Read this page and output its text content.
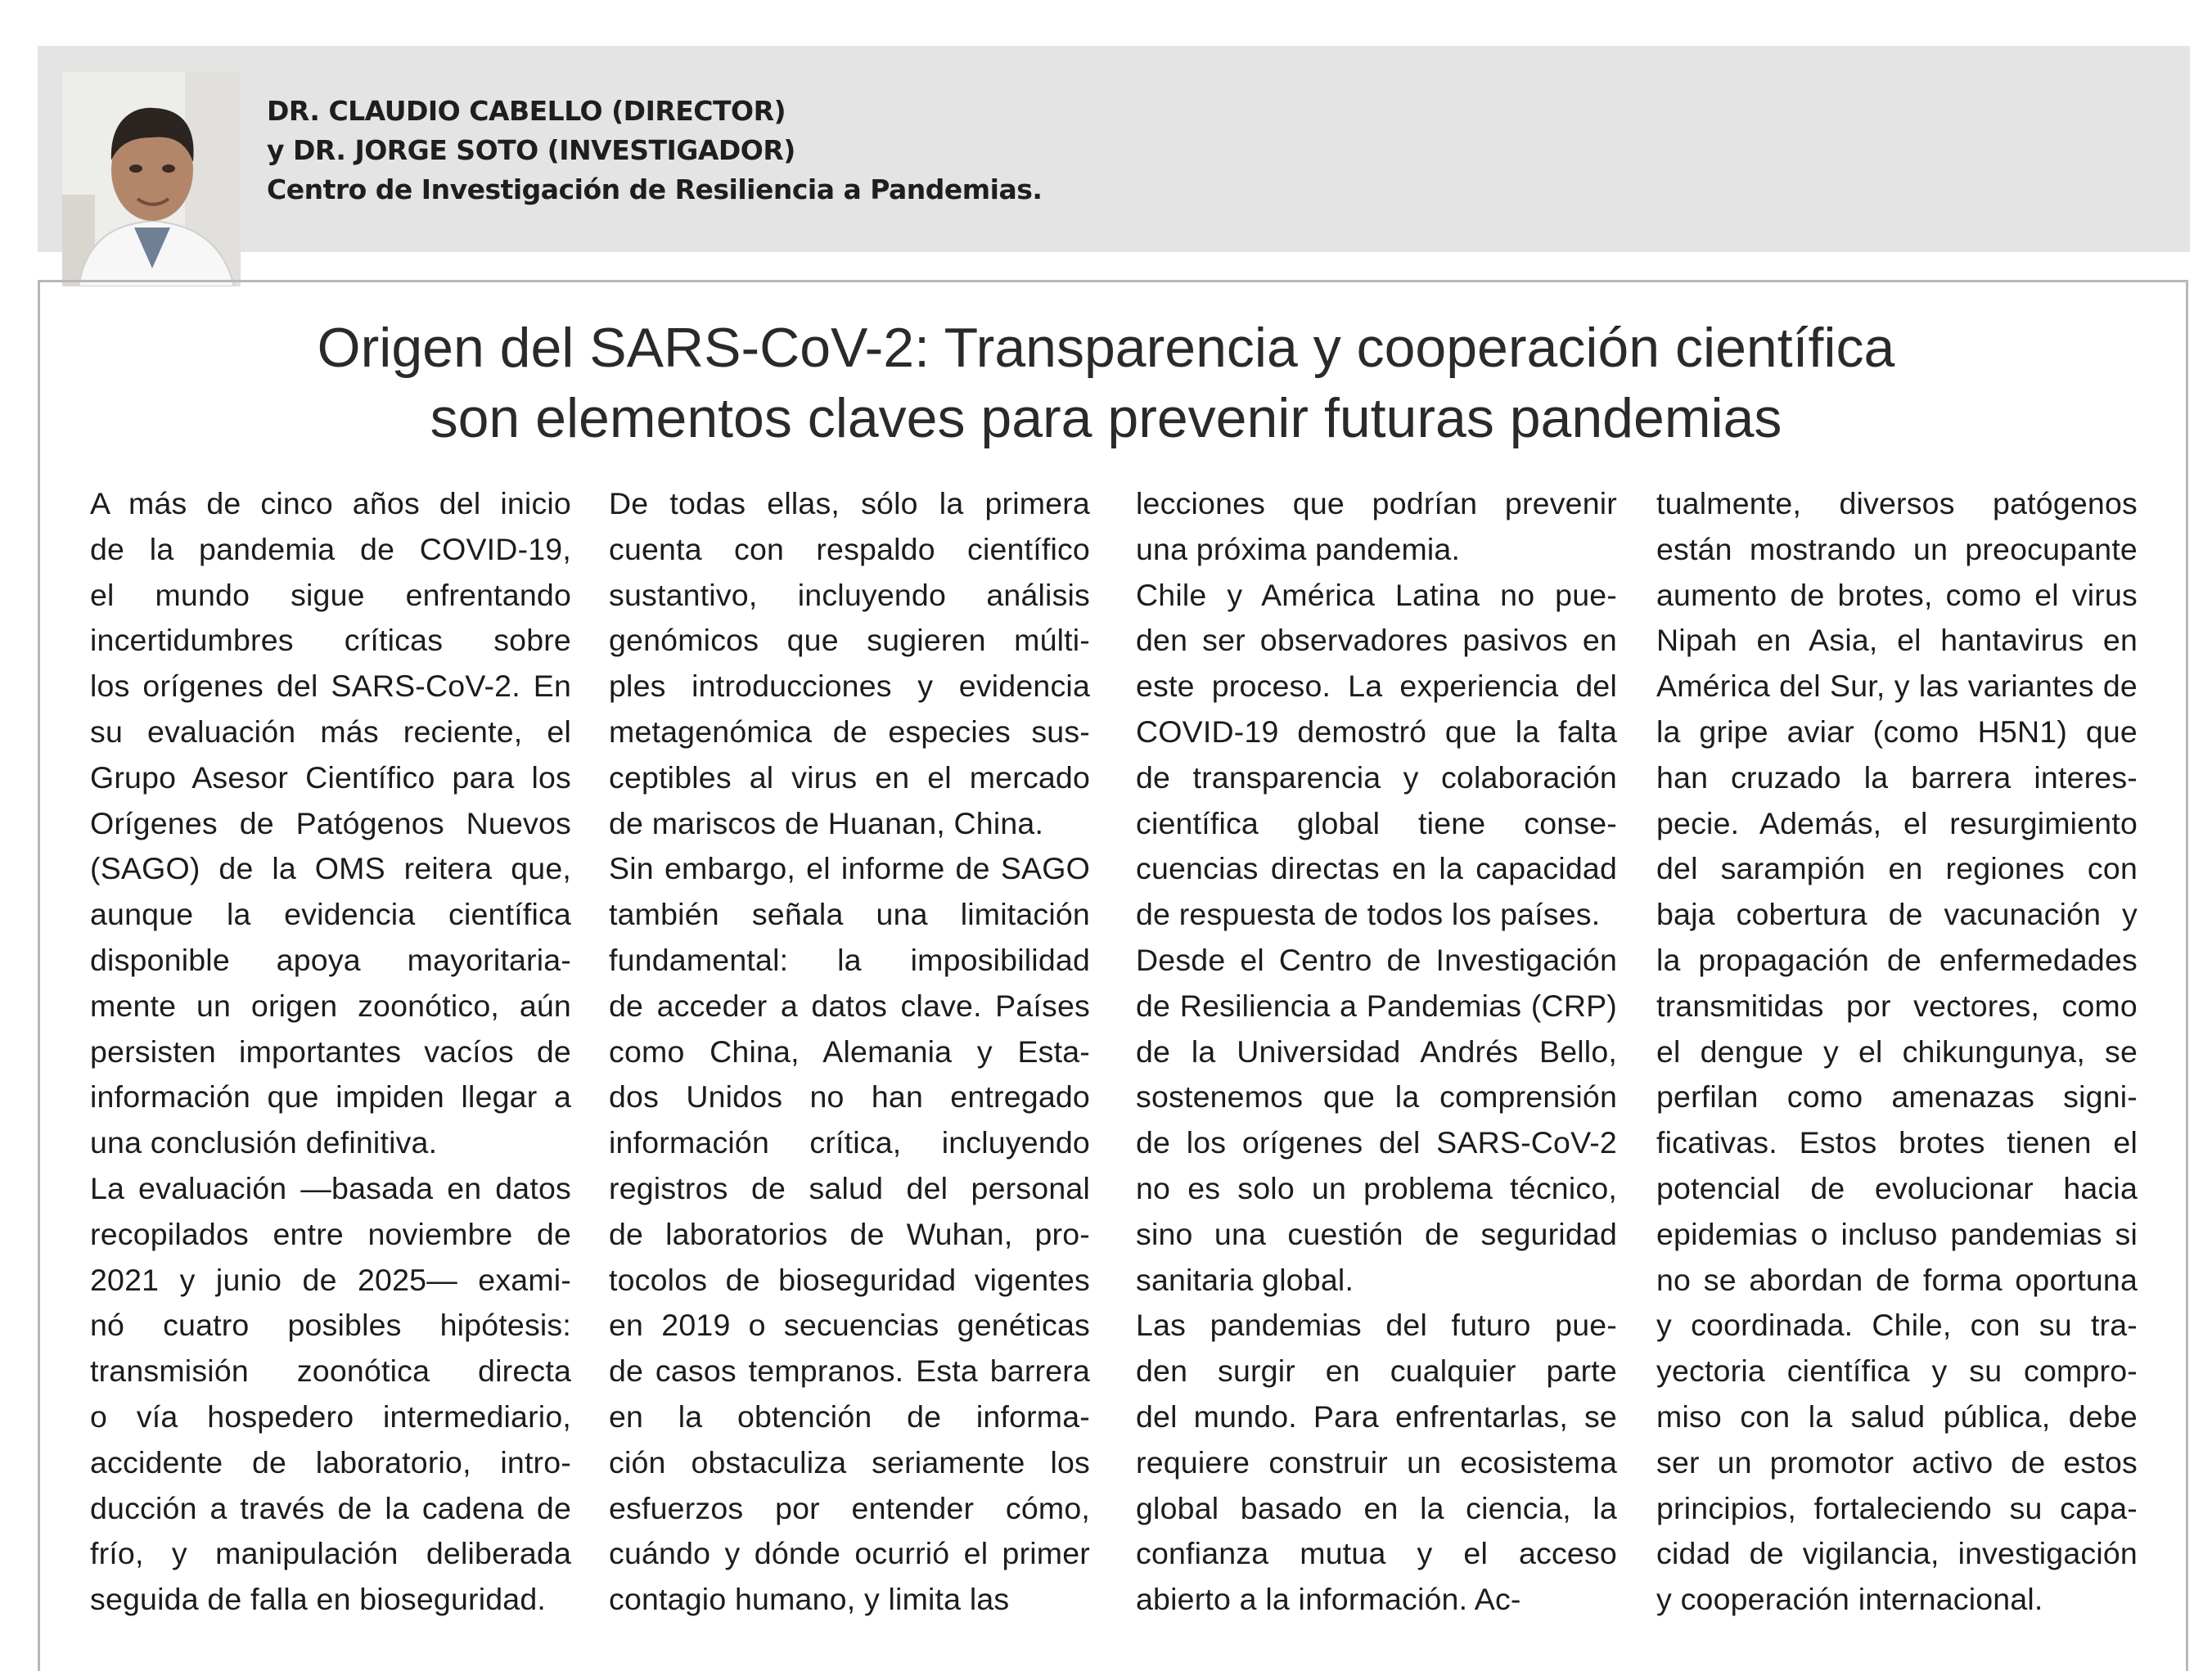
DR. CLAUDIO CABELLO (DIRECTOR)
y DR. JORGE SOTO (INVESTIGADOR)
Centro de Investigación de Resiliencia a Pandemias.
Origen del SARS-CoV-2: Transparencia y cooperación científica
son elementos claves para prevenir futuras pandemias
A más de cinco años del inicio
de la pandemia de COVID-19,
el mundo sigue enfrentando
incertidumbres críticas sobre
los orígenes del SARS-CoV-2. En
su evaluación más reciente, el
Grupo Asesor Científico para los
Orígenes de Patógenos Nuevos
(SAGO) de la OMS reitera que,
aunque la evidencia científica
disponible apoya mayoritaria-
mente un origen zoonótico, aún
persisten importantes vacíos de
información que impiden llegar a
una conclusión definitiva.
La evaluación —basada en datos
recopilados entre noviembre de
2021 y junio de 2025— exami-
nó cuatro posibles hipótesis:
transmisión zoonótica directa
o vía hospedero intermediario,
accidente de laboratorio, intro-
ducción a través de la cadena de
frío, y manipulación deliberada
seguida de falla en bioseguridad.
De todas ellas, sólo la primera
cuenta con respaldo científico
sustantivo, incluyendo análisis
genómicos que sugieren múlti-
ples introducciones y evidencia
metagenómica de especies sus-
ceptibles al virus en el mercado
de mariscos de Huanan, China.
Sin embargo, el informe de SAGO
también señala una limitación
fundamental: la imposibilidad
de acceder a datos clave. Países
como China, Alemania y Esta-
dos Unidos no han entregado
información crítica, incluyendo
registros de salud del personal
de laboratorios de Wuhan, pro-
tocolos de bioseguridad vigentes
en 2019 o secuencias genéticas
de casos tempranos. Esta barrera
en la obtención de informa-
ción obstaculiza seriamente los
esfuerzos por entender cómo,
cuándo y dónde ocurrió el primer
contagio humano, y limita las
lecciones que podrían prevenir
una próxima pandemia.
Chile y América Latina no pue-
den ser observadores pasivos en
este proceso. La experiencia del
COVID-19 demostró que la falta
de transparencia y colaboración
científica global tiene conse-
cuencias directas en la capacidad
de respuesta de todos los países.
Desde el Centro de Investigación
de Resiliencia a Pandemias (CRP)
de la Universidad Andrés Bello,
sostenemos que la comprensión
de los orígenes del SARS-CoV-2
no es solo un problema técnico,
sino una cuestión de seguridad
sanitaria global.
Las pandemias del futuro pue-
den surgir en cualquier parte
del mundo. Para enfrentarlas, se
requiere construir un ecosistema
global basado en la ciencia, la
confianza mutua y el acceso
abierto a la información. Ac-
tualmente, diversos patógenos
están mostrando un preocupante
aumento de brotes, como el virus
Nipah en Asia, el hantavirus en
América del Sur, y las variantes de
la gripe aviar (como H5N1) que
han cruzado la barrera interes-
pecie. Además, el resurgimiento
del sarampión en regiones con
baja cobertura de vacunación y
la propagación de enfermedades
transmitidas por vectores, como
el dengue y el chikungunya, se
perfilan como amenazas signi-
ficativas. Estos brotes tienen el
potencial de evolucionar hacia
epidemias o incluso pandemias si
no se abordan de forma oportuna
y coordinada. Chile, con su tra-
yectoria científica y su compro-
miso con la salud pública, debe
ser un promotor activo de estos
principios, fortaleciendo su capa-
cidad de vigilancia, investigación
y cooperación internacional.
